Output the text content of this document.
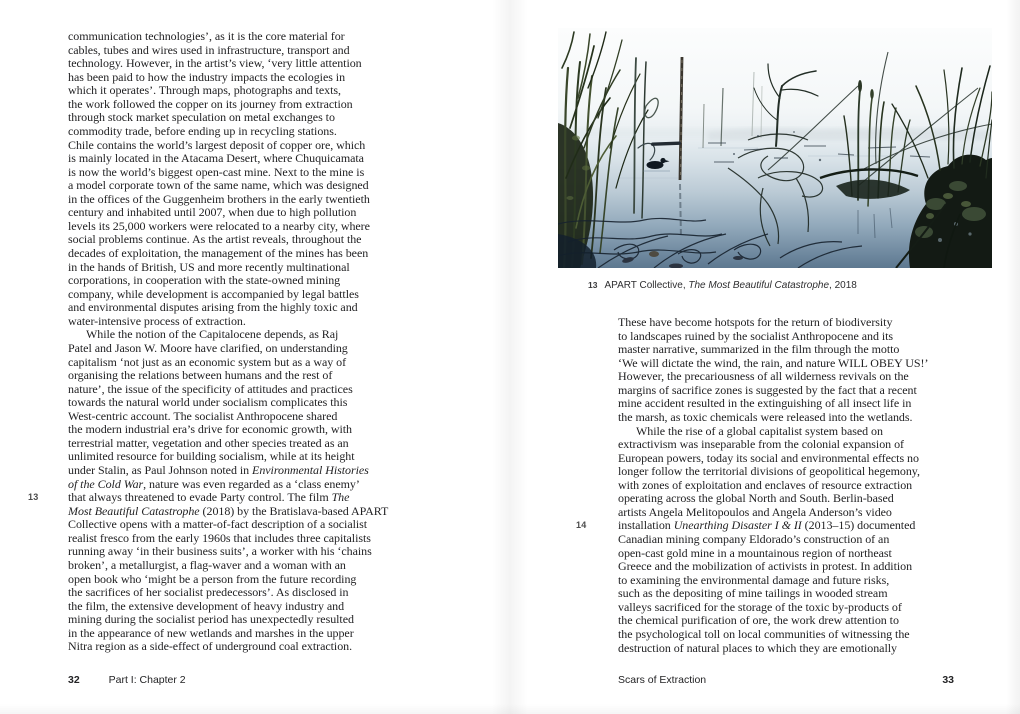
13
communication technologies’, as it is the core material for
cables, tubes and wires used in infrastructure, transport and
technology. However, in the artist’s view, ‘very little attention
has been paid to how the industry impacts the ecologies in
which it operates’. Through maps, photographs and texts,
the work followed the copper on its journey from extraction
through stock market speculation on metal exchanges to
commodity trade, before ending up in recycling stations.
Chile contains the world’s largest deposit of copper ore, which
is mainly located in the Atacama Desert, where Chuquicamata
is now the world’s biggest open-cast mine. Next to the mine is
a model corporate town of the same name, which was designed
in the offices of the Guggenheim brothers in the early twentieth
century and inhabited until 2007, when due to high pollution
levels its 25,000 workers were relocated to a nearby city, where
social problems continue. As the artist reveals, throughout the
decades of exploitation, the management of the mines has been
in the hands of British, US and more recently multinational
corporations, in cooperation with the state-owned mining
company, while development is accompanied by legal battles
and environmental disputes arising from the highly toxic and
water-intensive process of extraction.
While the notion of the Capitalocene depends, as Raj
Patel and Jason W. Moore have clarified, on understanding
capitalism ‘not just as an economic system but as a way of
organising the relations between humans and the rest of
nature’, the issue of the specificity of attitudes and practices
towards the natural world under socialism complicates this
West-centric account. The socialist Anthropocene shared
the modern industrial era’s drive for economic growth, with
terrestrial matter, vegetation and other species treated as an
unlimited resource for building socialism, while at its height
under Stalin, as Paul Johnson noted in Environmental Histories
of the Cold War, nature was even regarded as a ‘class enemy’
that always threatened to evade Party control. The film The
Most Beautiful Catastrophe (2018) by the Bratislava-based APART
Collective opens with a matter-of-fact description of a socialist
realist fresco from the early 1960s that includes three capitalists
running away ‘in their business suits’, a worker with his ‘chains
broken’, a metallurgist, a flag-waver and a woman with an
open book who ‘might be a person from the future recording
the sacrifices of her socialist predecessors’. As disclosed in
the film, the extensive development of heavy industry and
mining during the socialist period has unexpectedly resulted
in the appearance of new wetlands and marshes in the upper
Nitra region as a side-effect of underground coal extraction.
32	Part I: Chapter 2
13 APART Collective, The Most Beautiful Catastrophe, 2018
14
These have become hotspots for the return of biodiversity
to landscapes ruined by the socialist Anthropocene and its
master narrative, summarized in the film through the motto
‘We will dictate the wind, the rain, and nature WILL OBEY US!’
However, the precariousness of all wilderness revivals on the
margins of sacrifice zones is suggested by the fact that a recent
mine accident resulted in the extinguishing of all insect life in
the marsh, as toxic chemicals were released into the wetlands.
While the rise of a global capitalist system based on
extractivism was inseparable from the colonial expansion of
European powers, today its social and environmental effects no
longer follow the territorial divisions of geopolitical hegemony,
with zones of exploitation and enclaves of resource extraction
operating across the global North and South. Berlin-based
artists Angela Melitopoulos and Angela Anderson’s video
installation Unearthing Disaster I & II (2013–15) documented
Canadian mining company Eldorado’s construction of an
open-cast gold mine in a mountainous region of northeast
Greece and the mobilization of activists in protest. In addition
to examining the environmental damage and future risks,
such as the depositing of mine tailings in wooded stream
valleys sacrificed for the storage of the toxic by-products of
the chemical purification of ore, the work drew attention to
the psychological toll on local communities of witnessing the
destruction of natural places to which they are emotionally
Scars of Extraction	33
